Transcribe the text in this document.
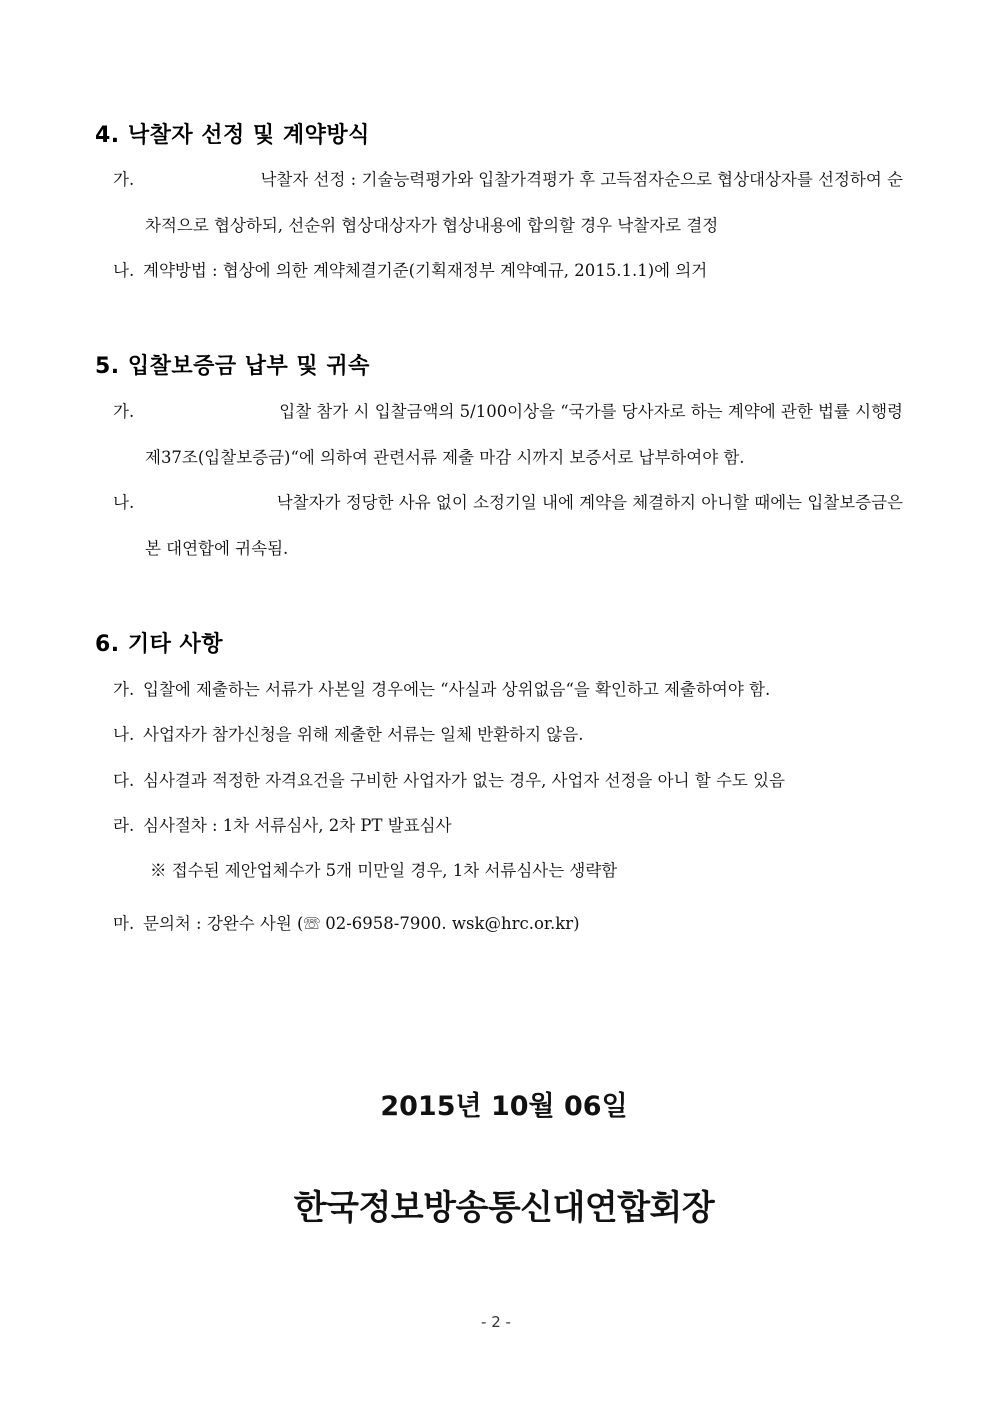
4. 낙찰자 선정 및 계약방식
가.	낙찰자 선정 : 기술능력평가와 입찰가격평가 후 고득점자순으로 협상대상자를 선정하여 순
차적으로 협상하되, 선순위 협상대상자가 협상내용에 합의할 경우 낙찰자로 결정
나. 계약방법 : 협상에 의한 계약체결기준(기획재정부 계약예규, 2015.1.1)에 의거
5. 입찰보증금 납부 및 귀속
가.	입찰 참가 시 입찰금액의 5/100이상을 “국가를 당사자로 하는 계약에 관한 법률 시행령
제37조(입찰보증금)“에 의하여 관련서류 제출 마감 시까지 보증서로 납부하여야 함.
나.	낙찰자가 정당한 사유 없이 소정기일 내에 계약을 체결하지 아니할 때에는 입찰보증금은
본 대연합에 귀속됨.
6. 기타 사항
가. 입찰에 제출하는 서류가 사본일 경우에는 “사실과 상위없음“을 확인하고 제출하여야 함.
나. 사업자가 참가신청을 위해 제출한 서류는 일체 반환하지 않음.
다. 심사결과 적정한 자격요건을 구비한 사업자가 없는 경우, 사업자 선정을 아니 할 수도 있음
라. 심사절차 : 1차 서류심사, 2차 PT 발표심사
※ 접수된 제안업체수가 5개 미만일 경우, 1차 서류심사는 생략함
마. 문의처 : 강완수 사원 (☏ 02-6958-7900. wsk@hrc.or.kr)
2015년 10월 06일
한국정보방송통신대연합회장
- 2 -
